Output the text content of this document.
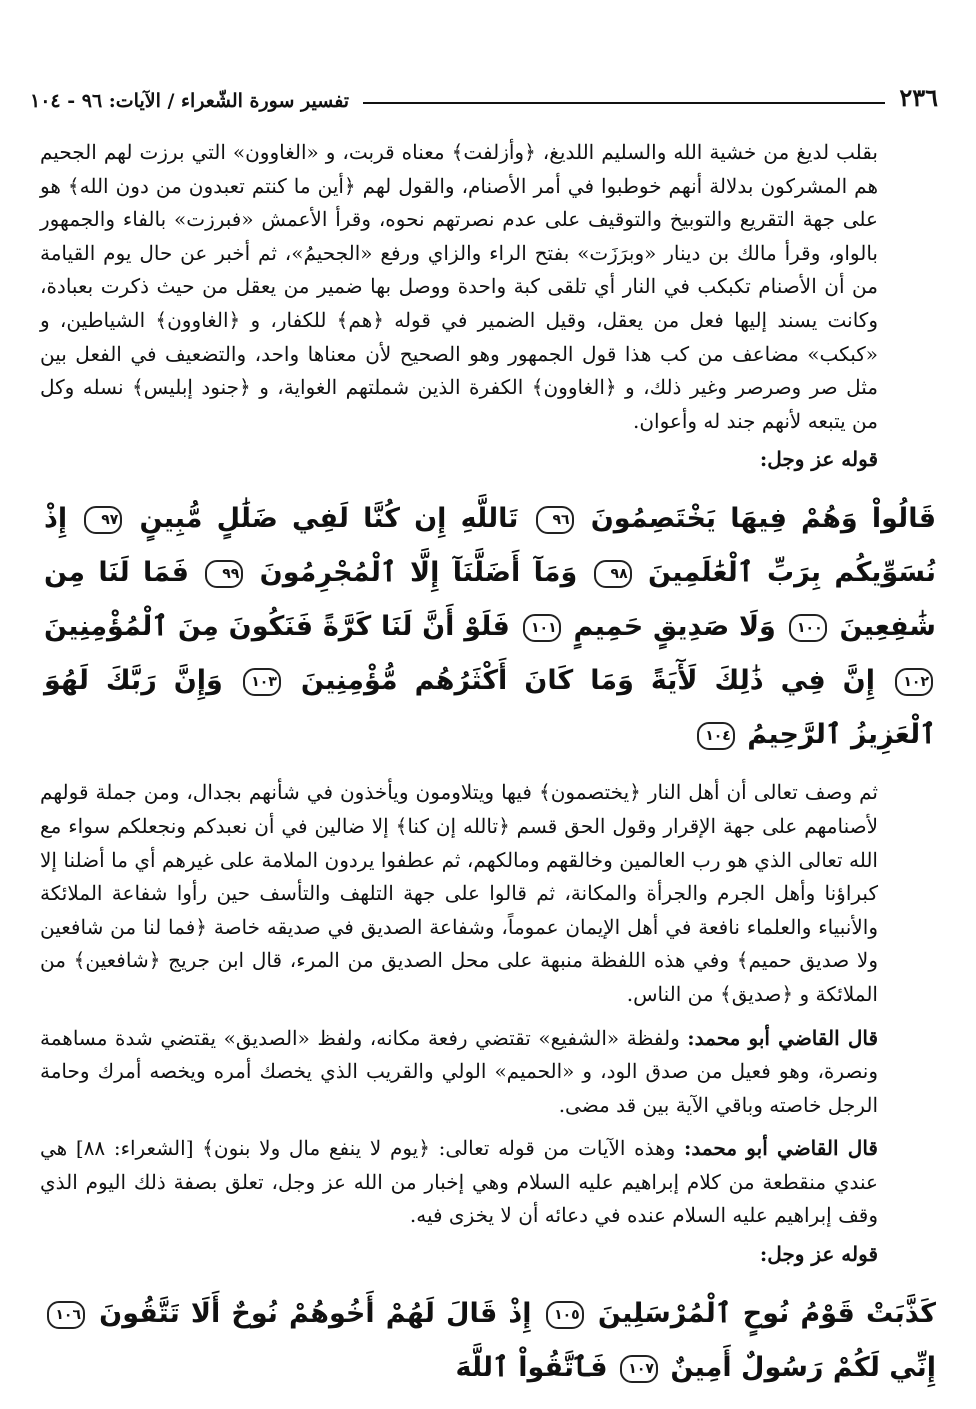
٢٣٦
تفسير سورة الشّعراء / الآيات: ٩٦ - ١٠٤

بقلب لديغ من خشية الله والسليم اللديغ، ﴿وأزلفت﴾ معناه قربت، و «الغاوون» التي برزت لهم الجحيم هم المشركون بدلالة أنهم خوطبوا في أمر الأصنام، والقول لهم ﴿أين ما كنتم تعبدون من دون الله﴾ هو على جهة التقريع والتوبيخ والتوقيف على عدم نصرتهم نحوه، وقرأ الأعمش «فبرزت» بالفاء والجمهور بالواو، وقرأ مالك بن دينار «وبرَزَت» بفتح الراء والزاي ورفع «الجحيمُ»، ثم أخبر عن حال يوم القيامة من أن الأصنام تكبكب في النار أي تلقى كبة واحدة ووصل بها ضمير من يعقل من حيث ذكرت بعبادة، وكانت يسند إليها فعل من يعقل، وقيل الضمير في قوله ﴿هم﴾ للكفار، و ﴿الغاوون﴾ الشياطين، و «كبكب» مضاعف من كب هذا قول الجمهور وهو الصحيح لأن معناها واحد، والتضعيف في الفعل بين مثل صر وصرصر وغير ذلك، و ﴿الغاوون﴾ الكفرة الذين شملتهم الغواية، و ﴿جنود إبليس﴾ نسله وكل من يتبعه لأنهم جند له وأعوان.

قوله عز وجل:

قَالُواْ وَهُمْ فِيهَا يَخْتَصِمُونَ ٩٦ تَاللَّهِ إِن كُنَّا لَفِي ضَلَٰلٍ مُّبِينٍ ٩٧ إِذْ نُسَوِّيكُم بِرَبِّ ٱلْعَٰلَمِينَ ٩٨ وَمَآ أَضَلَّنَآ إِلَّا ٱلْمُجْرِمُونَ ٩٩ فَمَا لَنَا مِن شَٰفِعِينَ ١٠٠ وَلَا صَدِيقٍ حَمِيمٍ ١٠١ فَلَوْ أَنَّ لَنَا كَرَّةً فَنَكُونَ مِنَ ٱلْمُؤْمِنِينَ ١٠٢ إِنَّ فِي ذَٰلِكَ لَأٓيَةً وَمَا كَانَ أَكْثَرُهُم مُّؤْمِنِينَ ١٠٣ وَإِنَّ رَبَّكَ لَهُوَ ٱلْعَزِيزُ ٱلرَّحِيمُ ١٠٤

ثم وصف تعالى أن أهل النار ﴿يختصمون﴾ فيها ويتلاومون ويأخذون في شأنهم بجدال، ومن جملة قولهم لأصنامهم على جهة الإقرار وقول الحق قسم ﴿تالله إن كنا﴾ إلا ضالين في أن نعبدكم ونجعلكم سواء مع الله تعالى الذي هو رب العالمين وخالقهم ومالكهم، ثم عطفوا يردون الملامة على غيرهم أي ما أضلنا إلا كبراؤنا وأهل الجرم والجرأة والمكانة، ثم قالوا على جهة التلهف والتأسف حين رأوا شفاعة الملائكة والأنبياء والعلماء نافعة في أهل الإيمان عموماً، وشفاعة الصديق في صديقه خاصة ﴿فما لنا من شافعين ولا صديق حميم﴾ وفي هذه اللفظة منبهة على محل الصديق من المرء، قال ابن جريج ﴿شافعين﴾ من الملائكة و ﴿صديق﴾ من الناس.

قال القاضي أبو محمد: ولفظة «الشفيع» تقتضي رفعة مكانه، ولفظ «الصديق» يقتضي شدة مساهمة ونصرة، وهو فعيل من صدق الود، و «الحميم» الولي والقريب الذي يخصك أمره ويخصه أمرك وحامة الرجل خاصته وباقي الآية بين قد مضى.

قال القاضي أبو محمد: وهذه الآيات من قوله تعالى: ﴿يوم لا ينفع مال ولا بنون﴾ [الشعراء: ٨٨] هي عندي منقطعة من كلام إبراهيم عليه السلام وهي إخبار من الله عز وجل، تعلق بصفة ذلك اليوم الذي وقف إبراهيم عليه السلام عنده في دعائه أن لا يخزى فيه.

قوله عز وجل:

كَذَّبَتْ قَوْمُ نُوحٍ ٱلْمُرْسَلِينَ ١٠٥ إِذْ قَالَ لَهُمْ أَخُوهُمْ نُوحٌ أَلَا تَتَّقُونَ ١٠٦ إِنِّي لَكُمْ رَسُولٌ أَمِينٌ ١٠٧ فَٱتَّقُواْ ٱللَّهَ
